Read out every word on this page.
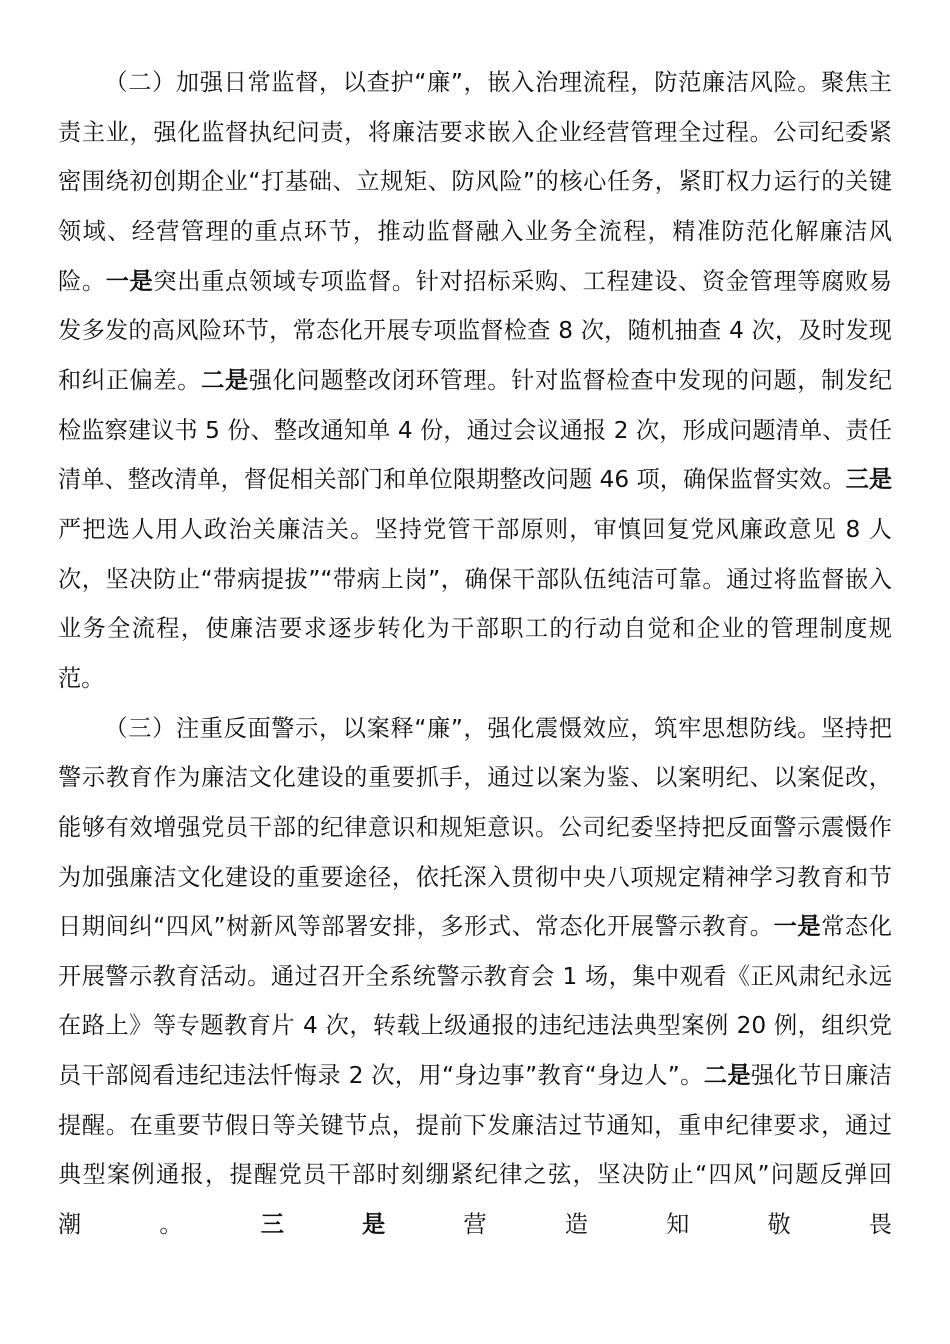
（二）加强日常监督，以查护“廉”，嵌入治理流程，防范廉洁风险。聚焦主责主业，强化监督执纪问责，将廉洁要求嵌入企业经营管理全过程。公司纪委紧密围绕初创期企业“打基础、立规矩、防风险”的核心任务，紧盯权力运行的关键领域、经营管理的重点环节，推动监督融入业务全流程，精准防范化解廉洁风险。一是突出重点领域专项监督。针对招标采购、工程建设、资金管理等腐败易发多发的高风险环节，常态化开展专项监督检查 8 次，随机抽查 4 次，及时发现和纠正偏差。二是强化问题整改闭环管理。针对监督检查中发现的问题，制发纪检监察建议书 5 份、整改通知单 4 份，通过会议通报 2 次，形成问题清单、责任清单、整改清单，督促相关部门和单位限期整改问题 46 项，确保监督实效。三是严把选人用人政治关廉洁关。坚持党管干部原则，审慎回复党风廉政意见 8 人次，坚决防止“带病提拔”“带病上岗”，确保干部队伍纯洁可靠。通过将监督嵌入业务全流程，使廉洁要求逐步转化为干部职工的行动自觉和企业的管理制度规范。

（三）注重反面警示，以案释“廉”，强化震慑效应，筑牢思想防线。坚持把警示教育作为廉洁文化建设的重要抓手，通过以案为鉴、以案明纪、以案促改，能够有效增强党员干部的纪律意识和规矩意识。公司纪委坚持把反面警示震慑作为加强廉洁文化建设的重要途径，依托深入贯彻中央八项规定精神学习教育和节日期间纠“四风”树新风等部署安排，多形式、常态化开展警示教育。一是常态化开展警示教育活动。通过召开全系统警示教育会 1 场，集中观看《正风肃纪永远在路上》等专题教育片 4 次，转载上级通报的违纪违法典型案例 20 例，组织党员干部阅看违纪违法忏悔录 2 次，用“身边事”教育“身边人”。二是强化节日廉洁提醒。在重要节假日等关键节点，提前下发廉洁过节通知，重申纪律要求，通过典型案例通报，提醒党员干部时刻绷紧纪律之弦，坚决防止“四风”问题反弹回潮。三是营造知敬畏
